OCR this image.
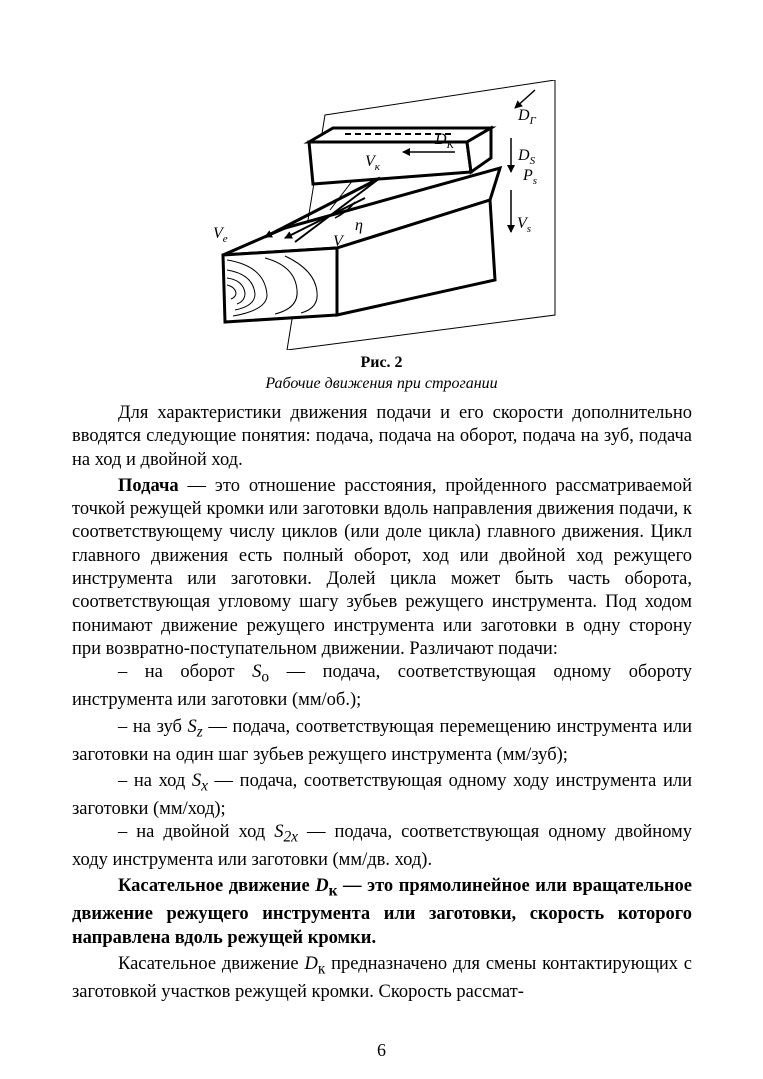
$D_Г$
$D_S$
$P_s$
$V_s$
$D_К$
$V_к$
$V_e$
η
V
Рис. 2
Рабочие движения при строгании

Для характеристики движения подачи и его скорости дополнительно вводятся следующие понятия: подача, подача на оборот, подача на зуб, подача на ход и двойной ход.

Подача — это отношение расстояния, пройденного рассматриваемой точкой режущей кромки или заготовки вдоль направления движения подачи, к соответствующему числу циклов (или доле цикла) главного движения. Цикл главного движения есть полный оборот, ход или двойной ход режущего инструмента или заготовки. Долей цикла может быть часть оборота, соответствующая угловому шагу зубьев режущего инструмента. Под ходом понимают движение режущего инструмента или заготовки в одну сторону при возвратно-поступательном движении. Различают подачи:

– на оборот $S_о$ — подача, соответствующая одному обороту инструмента или заготовки (мм/об.);

– на зуб $S_z$ — подача, соответствующая перемещению инструмента или заготовки на один шаг зубьев режущего инструмента (мм/зуб);

– на ход $S_x$ — подача, соответствующая одному ходу инструмента или заготовки (мм/ход);

– на двойной ход $S_{2x}$ — подача, соответствующая одному двойному ходу инструмента или заготовки (мм/дв. ход).

Касательное движение $D_к$ — это прямолинейное или вращательное движение режущего инструмента или заготовки, скорость которого направлена вдоль режущей кромки.

Касательное движение $D_к$ предназначено для смены контактирующих с заготовкой участков режущей кромки. Скорость рассмат-

6
